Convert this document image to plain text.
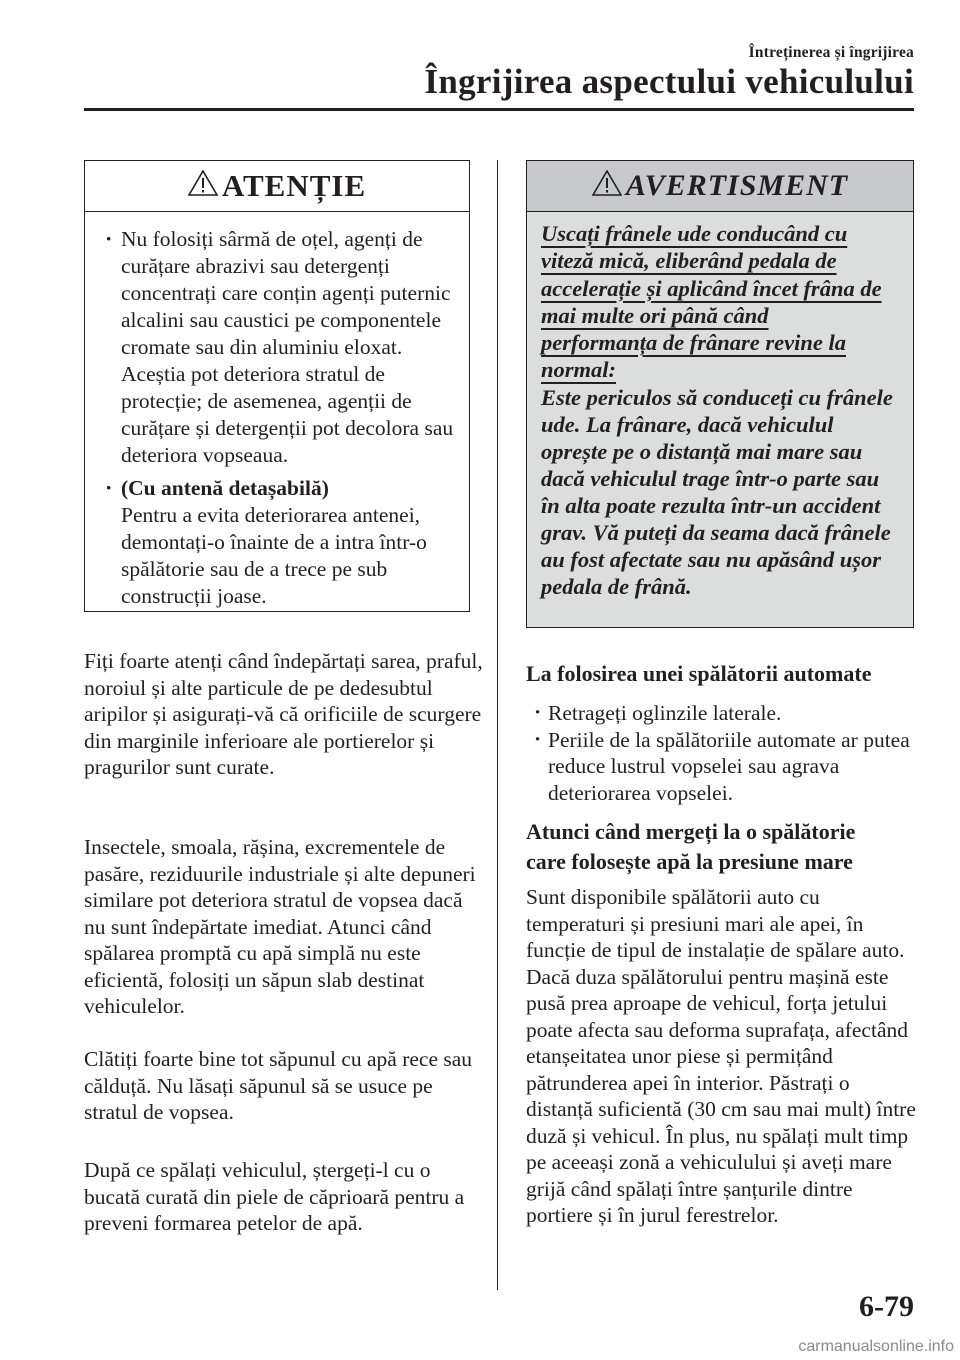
Întreținerea și îngrijirea
Îngrijirea aspectului vehiculului
ATENȚIE
· Nu folosiți sârmă de oțel, agenți de curățare abrazivi sau detergenți concentrați care conțin agenți puternic alcalini sau caustici pe componentele cromate sau din aluminiu eloxat. Aceștia pot deteriora stratul de protecție; de asemenea, agenții de curățare și detergenții pot decolora sau deteriora vopseaua.
· (Cu antenă detașabilă)
Pentru a evita deteriorarea antenei, demontați-o înainte de a intra într-o spălătorie sau de a trece pe sub construcții joase.
AVERTISMENT
Uscați frânele ude conducând cu
viteză mică, eliberând pedala de
accelerație și aplicând încet frâna de
mai multe ori până când
performanța de frânare revine la
normal:
Este periculos să conduceți cu frânele ude. La frânare, dacă vehiculul oprește pe o distanță mai mare sau dacă vehiculul trage într-o parte sau în alta poate rezulta într-un accident grav. Vă puteți da seama dacă frânele au fost afectate sau nu apăsând ușor pedala de frână.

Fiți foarte atenți când îndepărtați sarea, praful, noroiul și alte particule de pe dedesubtul aripilor și asigurați-vă că orificiile de scurgere din marginile inferioare ale portierelor și pragurilor sunt curate.

Insectele, smoala, rășina, excrementele de pasăre, reziduurile industriale și alte depuneri similare pot deteriora stratul de vopsea dacă nu sunt îndepărtate imediat. Atunci când spălarea promptă cu apă simplă nu este eficientă, folosiți un săpun slab destinat vehiculelor.

Clătiți foarte bine tot săpunul cu apă rece sau călduță. Nu lăsați săpunul să se usuce pe stratul de vopsea.

După ce spălați vehiculul, ștergeți-l cu o bucată curată din piele de căprioară pentru a preveni formarea petelor de apă.

La folosirea unei spălătorii automate
· Retrageți oglinzile laterale.
· Periile de la spălătoriile automate ar putea reduce lustrul vopselei sau agrava deteriorarea vopselei.
Atunci când mergeți la o spălătorie
care folosește apă la presiune mare

Sunt disponibile spălătorii auto cu temperaturi și presiuni mari ale apei, în funcție de tipul de instalație de spălare auto. Dacă duza spălătorului pentru mașină este pusă prea aproape de vehicul, forța jetului poate afecta sau deforma suprafața, afectând etanșeitatea unor piese și permițând pătrunderea apei în interior. Păstrați o distanță suficientă (30 cm sau mai mult) între duză și vehicul. În plus, nu spălați mult timp pe aceeași zonă a vehiculului și aveți mare grijă când spălați între șanțurile dintre portiere și în jurul ferestrelor.

6-79
carmanualsonline.info
